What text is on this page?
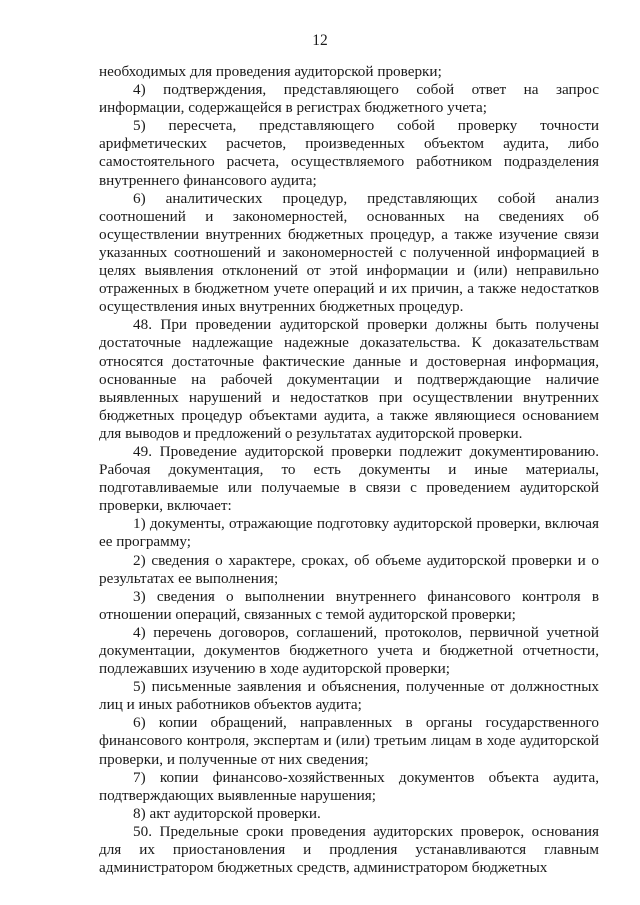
12

необходимых для проведения аудиторской проверки;

4) подтверждения, представляющего собой ответ на запрос информации, содержащейся в регистрах бюджетного учета;

5) пересчета, представляющего собой проверку точности арифметических расчетов, произведенных объектом аудита, либо самостоятельного расчета, осуществляемого работником подразделения внутреннего финансового аудита;

6) аналитических процедур, представляющих собой анализ соотношений и закономерностей, основанных на сведениях об осуществлении внутренних бюджетных процедур, а также изучение связи указанных соотношений и закономерностей с полученной информацией в целях выявления отклонений от этой информации и (или) неправильно отраженных в бюджетном учете операций и их причин, а также недостатков осуществления иных внутренних бюджетных процедур.

48. При проведении аудиторской проверки должны быть получены достаточные надлежащие надежные доказательства. К доказательствам относятся достаточные фактические данные и достоверная информация, основанные на рабочей документации и подтверждающие наличие выявленных нарушений и недостатков при осуществлении внутренних бюджетных процедур объектами аудита, а также являющиеся основанием для выводов и предложений о результатах аудиторской проверки.

49. Проведение аудиторской проверки подлежит документированию. Рабочая документация, то есть документы и иные материалы, подготавливаемые или получаемые в связи с проведением аудиторской проверки, включает:

1) документы, отражающие подготовку аудиторской проверки, включая ее программу;

2) сведения о характере, сроках, об объеме аудиторской проверки и о результатах ее выполнения;

3) сведения о выполнении внутреннего финансового контроля в отношении операций, связанных с темой аудиторской проверки;

4) перечень договоров, соглашений, протоколов, первичной учетной документации, документов бюджетного учета и бюджетной отчетности, подлежавших изучению в ходе аудиторской проверки;

5) письменные заявления и объяснения, полученные от должностных лиц и иных работников объектов аудита;

6) копии обращений, направленных в органы государственного финансового контроля, экспертам и (или) третьим лицам в ходе аудиторской проверки, и полученные от них сведения;

7) копии финансово-хозяйственных документов объекта аудита, подтверждающих выявленные нарушения;

8) акт аудиторской проверки.

50. Предельные сроки проведения аудиторских проверок, основания для их приостановления и продления устанавливаются главным администратором бюджетных средств, администратором бюджетных
